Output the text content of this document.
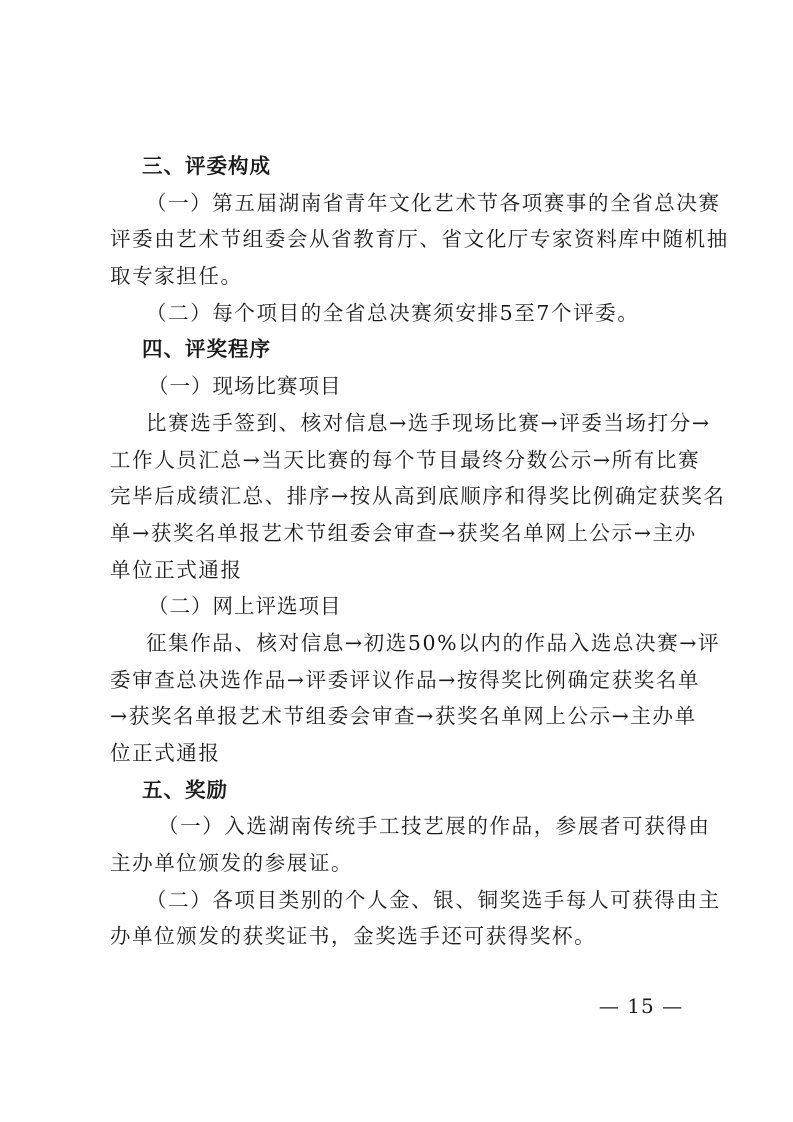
三、评委构成
（一）第五届湖南省青年文化艺术节各项赛事的全省总决赛
评委由艺术节组委会从省教育厅、省文化厅专家资料库中随机抽
取专家担任。
（二）每个项目的全省总决赛须安排5至7个评委。
四、评奖程序
（一）现场比赛项目
比赛选手签到、核对信息→选手现场比赛→评委当场打分→
工作人员汇总→当天比赛的每个节目最终分数公示→所有比赛
完毕后成绩汇总、排序→按从高到底顺序和得奖比例确定获奖名
单→获奖名单报艺术节组委会审查→获奖名单网上公示→主办
单位正式通报
（二）网上评选项目
征集作品、核对信息→初选50%以内的作品入选总决赛→评
委审查总决选作品→评委评议作品→按得奖比例确定获奖名单
→获奖名单报艺术节组委会审查→获奖名单网上公示→主办单
位正式通报
五、奖励
（一）入选湖南传统手工技艺展的作品，参展者可获得由
主办单位颁发的参展证。
（二）各项目类别的个人金、银、铜奖选手每人可获得由主
办单位颁发的获奖证书，金奖选手还可获得奖杯。
— 15 —
